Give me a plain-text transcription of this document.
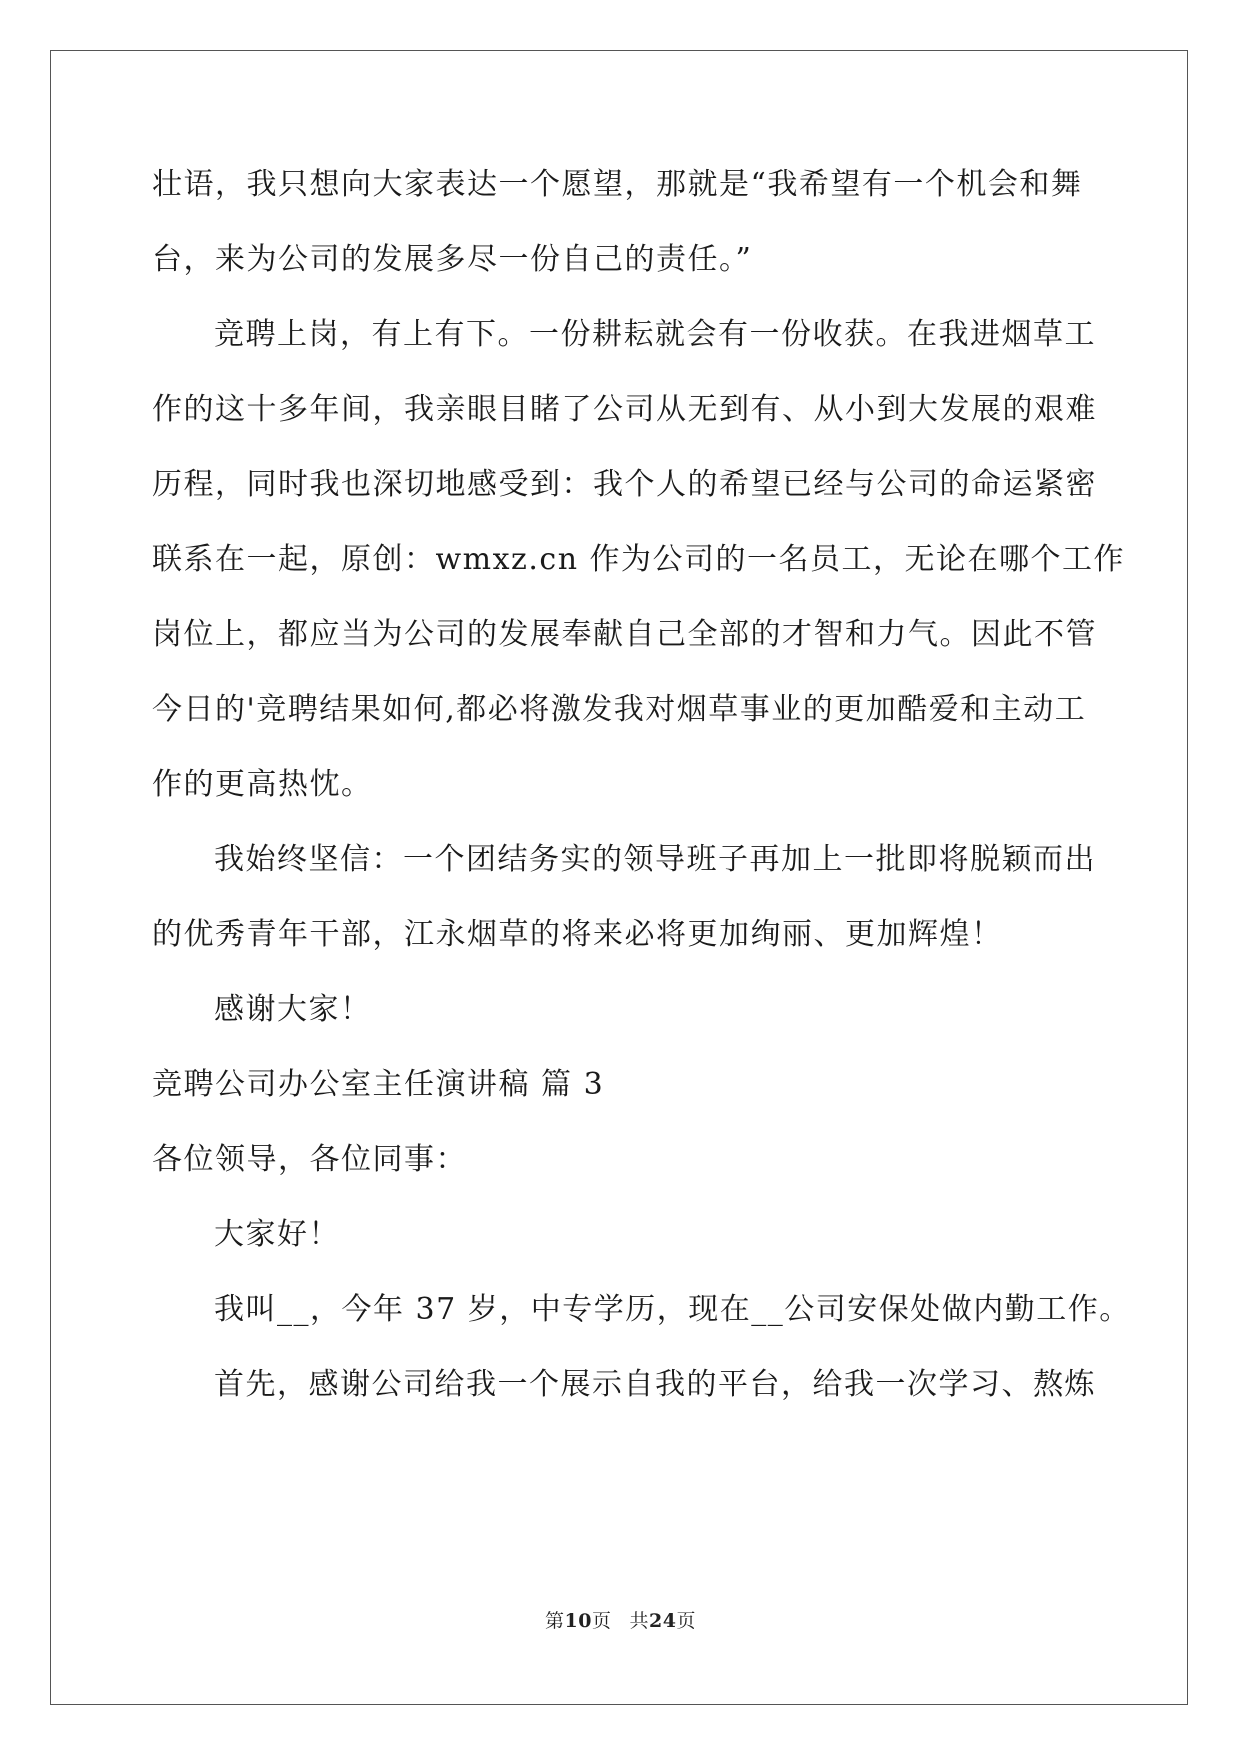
壮语，我只想向大家表达一个愿望，那就是“我希望有一个机会和舞
台，来为公司的发展多尽一份自己的责任。”
竞聘上岗，有上有下。一份耕耘就会有一份收获。在我进烟草工
作的这十多年间，我亲眼目睹了公司从无到有、从小到大发展的艰难
历程，同时我也深切地感受到：我个人的希望已经与公司的命运紧密
联系在一起，原创：wmxz.cn 作为公司的一名员工，无论在哪个工作
岗位上，都应当为公司的发展奉献自己全部的才智和力气。因此不管
今日的'竞聘结果如何,都必将激发我对烟草事业的更加酷爱和主动工
作的更高热忱。
我始终坚信：一个团结务实的领导班子再加上一批即将脱颖而出
的优秀青年干部，江永烟草的将来必将更加绚丽、更加辉煌！
感谢大家！
竞聘公司办公室主任演讲稿 篇 3
各位领导，各位同事：
大家好！
我叫__，今年 37 岁，中专学历，现在__公司安保处做内勤工作。
首先，感谢公司给我一个展示自我的平台，给我一次学习、熬炼
第10页 共24页
